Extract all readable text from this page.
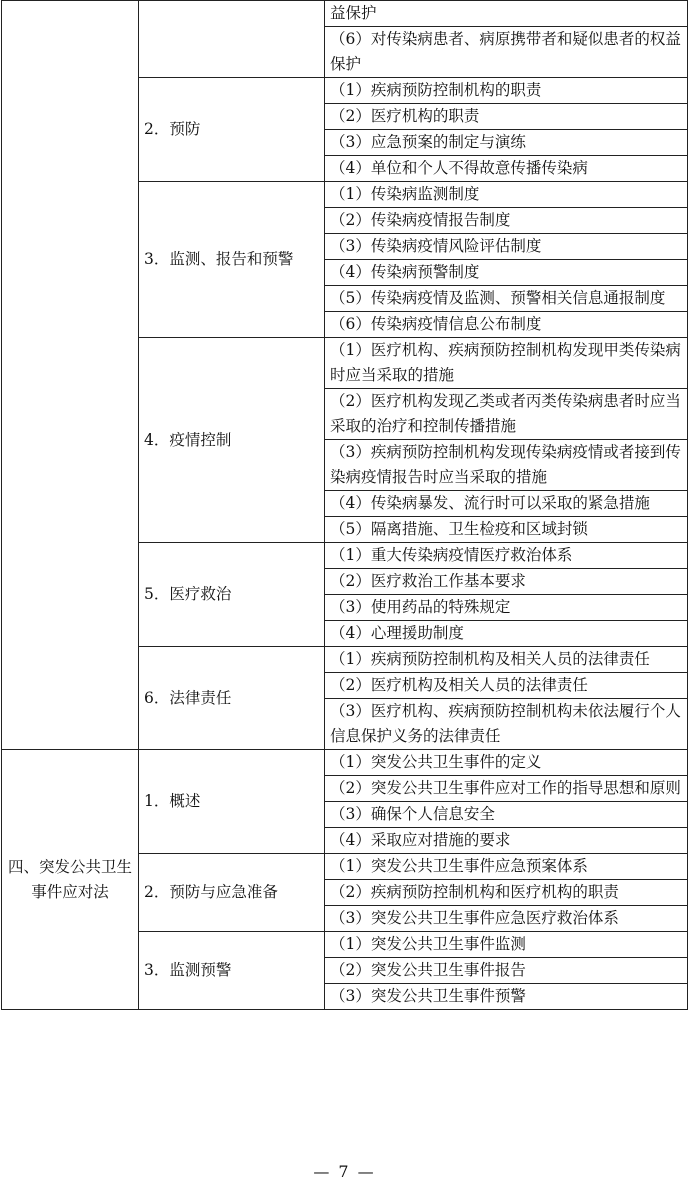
		益保护
		（6）对传染病患者、病原携带者和疑似患者的权益保护
	2．预防	（1）疾病预防控制机构的职责
		（2）医疗机构的职责
		（3）应急预案的制定与演练
		（4）单位和个人不得故意传播传染病
	3．监测、报告和预警	（1）传染病监测制度
		（2）传染病疫情报告制度
		（3）传染病疫情风险评估制度
		（4）传染病预警制度
		（5）传染病疫情及监测、预警相关信息通报制度
		（6）传染病疫情信息公布制度
	4．疫情控制	（1）医疗机构、疾病预防控制机构发现甲类传染病时应当采取的措施
		（2）医疗机构发现乙类或者丙类传染病患者时应当采取的治疗和控制传播措施
		（3）疾病预防控制机构发现传染病疫情或者接到传染病疫情报告时应当采取的措施
		（4）传染病暴发、流行时可以采取的紧急措施
		（5）隔离措施、卫生检疫和区域封锁
	5．医疗救治	（1）重大传染病疫情医疗救治体系
		（2）医疗救治工作基本要求
		（3）使用药品的特殊规定
		（4）心理援助制度
	6．法律责任	（1）疾病预防控制机构及相关人员的法律责任
		（2）医疗机构及相关人员的法律责任
		（3）医疗机构、疾病预防控制机构未依法履行个人信息保护义务的法律责任
四、突发公共卫生事件应对法	1．概述	（1）突发公共卫生事件的定义
		（2）突发公共卫生事件应对工作的指导思想和原则
		（3）确保个人信息安全
		（4）采取应对措施的要求
	2．预防与应急准备	（1）突发公共卫生事件应急预案体系
		（2）疾病预防控制机构和医疗机构的职责
		（3）突发公共卫生事件应急医疗救治体系
	3．监测预警	（1）突发公共卫生事件监测
		（2）突发公共卫生事件报告
		（3）突发公共卫生事件预警
— 7 —
